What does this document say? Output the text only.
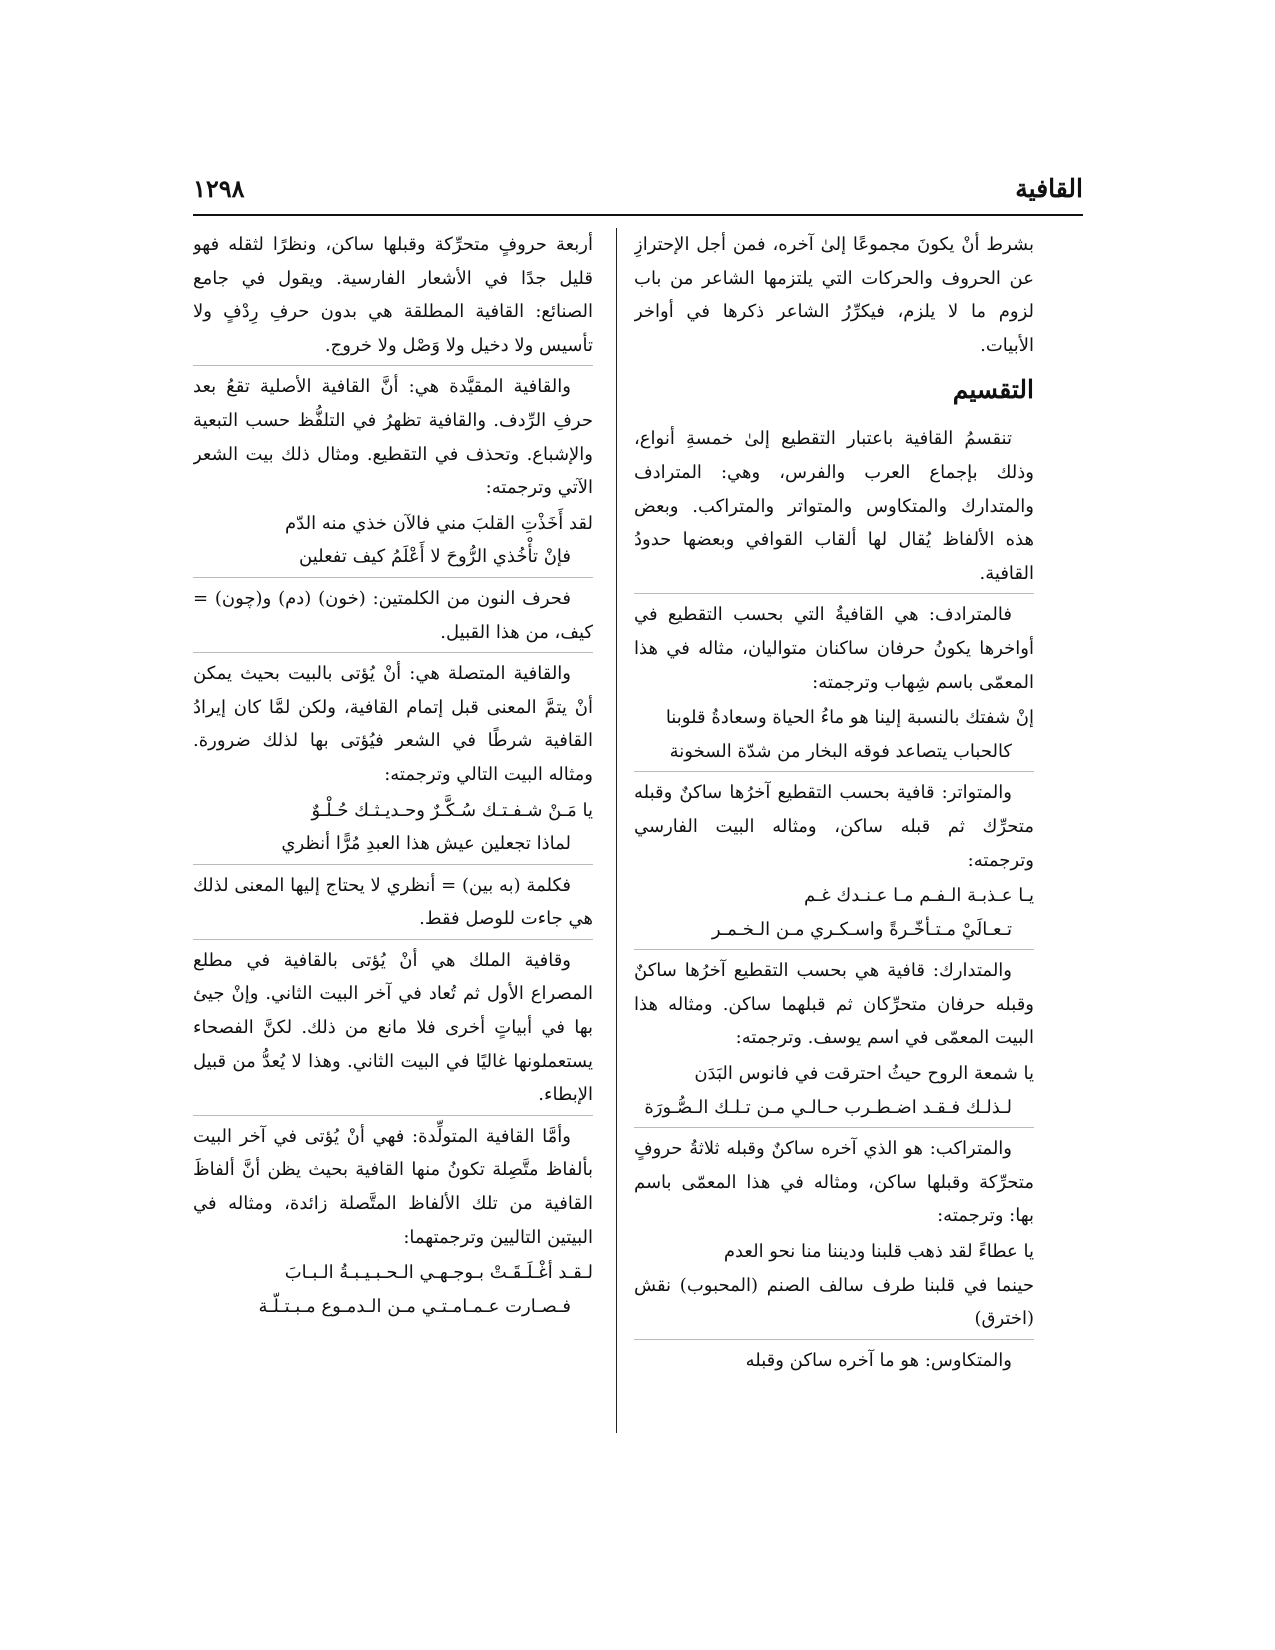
القافية
١٢٩٨

بشرط أنْ يكونَ مجموعًا إلىٰ آخره، فمن أجل الإحترازِ عن الحروف والحركات التي يلتزمها الشاعر من باب لزوم ما لا يلزم، فيكرِّرُ الشاعر ذكرها في أواخر الأبيات.

التقسيم

تنقسمُ القافية باعتبار التقطيع إلىٰ خمسةِ أنواع، وذلك بإجماع العرب والفرس، وهي: المترادف والمتدارك والمتكاوس والمتواتر والمتراكب. وبعض هذه الألفاظ يُقال لها ألقاب القوافي وبعضها حدودُ القافية.

فالمترادف: هي القافيةُ التي بحسب التقطيع في أواخرها يكونُ حرفان ساكنان متواليان، مثاله في هذا المعمّى باسم شِهاب وترجمته:

إنْ شفتك بالنسبة إلينا هو ماءُ الحياة وسعادةُ قلوبنا
كالحباب يتصاعد فوقه البخار من شدّة السخونة

والمتواتر: قافية بحسب التقطيع آخرُها ساكنٌ وقبله متحرِّك ثم قبله ساكن، ومثاله البيت الفارسي وترجمته:

يـا عـذبـة الـفـم مـا عـنـدك غـم
تـعـالَيْ مـتـأخّـرةً واسـكـري مـن الـخـمـر

والمتدارك: قافية هي بحسب التقطيع آخرُها ساكنٌ وقبله حرفان متحرِّكان ثم قبلهما ساكن. ومثاله هذا البيت المعمّى في اسم يوسف. وترجمته:

يا شمعة الروح حيثُ احترقت في فانوس البَدَن
لـذلـك فـقـد اضـطـرب حـالـي مـن تـلـك الـصُّـورَة

والمتراكب: هو الذي آخره ساكنٌ وقبله ثلاثةُ حروفٍ متحرِّكة وقبلها ساكن، ومثاله في هذا المعمّى باسم بها: وترجمته:

يا عطاءً لقد ذهب قلبنا وديننا منا نحو العدم
حينما في قلبنا طرف سالف الصنم (المحبوب) نقش (اخترق)

والمتكاوس: هو ما آخره ساكن وقبله

أربعة حروفٍ متحرِّكة وقبلها ساكن، ونظرًا لثقله فهو قليل جدًا في الأشعار الفارسية. ويقول في جامع الصنائع: القافية المطلقة هي بدون حرفِ رِدْفٍ ولا تأسيس ولا دخيل ولا وَصْل ولا خروج.

والقافية المقيَّدة هي: أنَّ القافية الأصلية تقعُ بعد حرفِ الرِّدف. والقافية تظهرُ في التلفُّظ حسب التبعية والإشباع. وتحذف في التقطيع. ومثال ذلك بيت الشعر الآتي وترجمته:

لقد أَخَذْتِ القلبَ مني فالآن خذي منه الدّم
فإنْ تأْخُذي الرُّوحَ لا أَعْلَمُ كيف تفعلين

فحرف النون من الكلمتين: (خون) (دم) و(چون) = كيف، من هذا القبيل.

والقافية المتصلة هي: أنْ يُؤتى بالبيت بحيث يمكن أنْ يتمَّ المعنى قبل إتمام القافية، ولكن لمَّا كان إيرادُ القافية شرطًا في الشعر فيُؤتى بها لذلك ضرورة. ومثاله البيت التالي وترجمته:

يا مَـنْ شـفـتـك سُـكَّـرٌ وحـديـثـك حُـلْـوٌ
لماذا تجعلين عيش هذا العبدِ مُرًّا أنظري

فكلمة (به بين) = أنظري لا يحتاج إليها المعنى لذلك هي جاءت للوصل فقط.

وقافية الملك هي أنْ يُؤتى بالقافية في مطلع المصراع الأول ثم تُعاد في آخر البيت الثاني. وإنْ جيئ بها في أبياتٍ أخرى فلا مانع من ذلك. لكنَّ الفصحاء يستعملونها غاليًا في البيت الثاني. وهذا لا يُعدُّ من قبيل الإبطاء.

وأمَّا القافية المتولِّدة: فهي أنْ يُؤتى في آخر البيت بألفاظ متَّصِلة تكونُ منها القافية بحيث يظن أنَّ ألفاظَ القافية من تلك الألفاظ المتَّصلة زائدة، ومثاله في البيتين التاليين وترجمتهما:

لـقـد أغْـلَـقَـتْ بـوجـهـي الـحـبـيـبـةُ الـبـابَ
فـصـارت عـمـامـتـي مـن الـدمـوع مـبـتـلّـة
